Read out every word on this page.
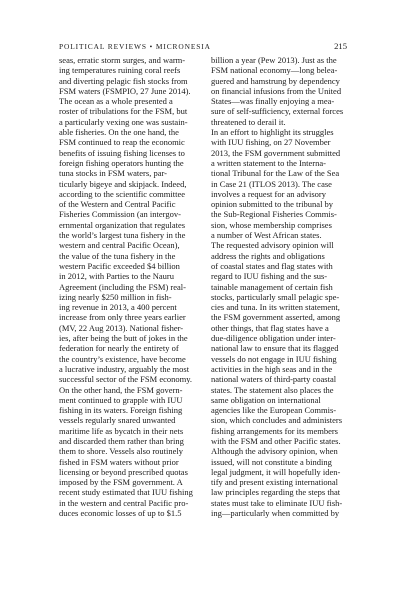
POLITICAL REVIEWS • MICRONESIA	215
seas, erratic storm surges, and warm-
ing temperatures ruining coral reefs
and diverting pelagic fish stocks from
FSM waters (FSMPIO, 27 June 2014).
The ocean as a whole presented a
roster of tribulations for the FSM, but
a particularly vexing one was sustain-
able fisheries. On the one hand, the
FSM continued to reap the economic
benefits of issuing fishing licenses to
foreign fishing operators hunting the
tuna stocks in FSM waters, par-
ticularly bigeye and skipjack. Indeed,
according to the scientific committee
of the Western and Central Pacific
Fisheries Commission (an intergov-
ernmental organization that regulates
the world’s largest tuna fishery in the
western and central Pacific Ocean),
the value of the tuna fishery in the
western Pacific exceeded $4 billion
in 2012, with Parties to the Nauru
Agreement (including the FSM) real-
izing nearly $250 million in fish-
ing revenue in 2013, a 400 percent
increase from only three years earlier
(MV, 22 Aug 2013). National fisher-
ies, after being the butt of jokes in the
federation for nearly the entirety of
the country’s existence, have become
a lucrative industry, arguably the most
successful sector of the FSM economy.
On the other hand, the FSM govern-
ment continued to grapple with IUU
fishing in its waters. Foreign fishing
vessels regularly snared unwanted
maritime life as bycatch in their nets
and discarded them rather than bring
them to shore. Vessels also routinely
fished in FSM waters without prior
licensing or beyond prescribed quotas
imposed by the FSM government. A
recent study estimated that IUU fishing
in the western and central Pacific pro-
duces economic losses of up to $1.5
billion a year (Pew 2013). Just as the
FSM national economy—long belea-
guered and hamstrung by dependency
on financial infusions from the United
States—was finally enjoying a mea-
sure of self-sufficiency, external forces
threatened to derail it.
In an effort to highlight its struggles
with IUU fishing, on 27 November
2013, the FSM government submitted
a written statement to the Interna-
tional Tribunal for the Law of the Sea
in Case 21 (ITLOS 2013). The case
involves a request for an advisory
opinion submitted to the tribunal by
the Sub-Regional Fisheries Commis-
sion, whose membership comprises
a number of West African states.
The requested advisory opinion will
address the rights and obligations
of coastal states and flag states with
regard to IUU fishing and the sus-
tainable management of certain fish
stocks, particularly small pelagic spe-
cies and tuna. In its written statement,
the FSM government asserted, among
other things, that flag states have a
due-diligence obligation under inter-
national law to ensure that its flagged
vessels do not engage in IUU fishing
activities in the high seas and in the
national waters of third-party coastal
states. The statement also places the
same obligation on international
agencies like the European Commis-
sion, which concludes and administers
fishing arrangements for its members
with the FSM and other Pacific states.
Although the advisory opinion, when
issued, will not constitute a binding
legal judgment, it will hopefully iden-
tify and present existing international
law principles regarding the steps that
states must take to eliminate IUU fish-
ing—particularly when committed by
